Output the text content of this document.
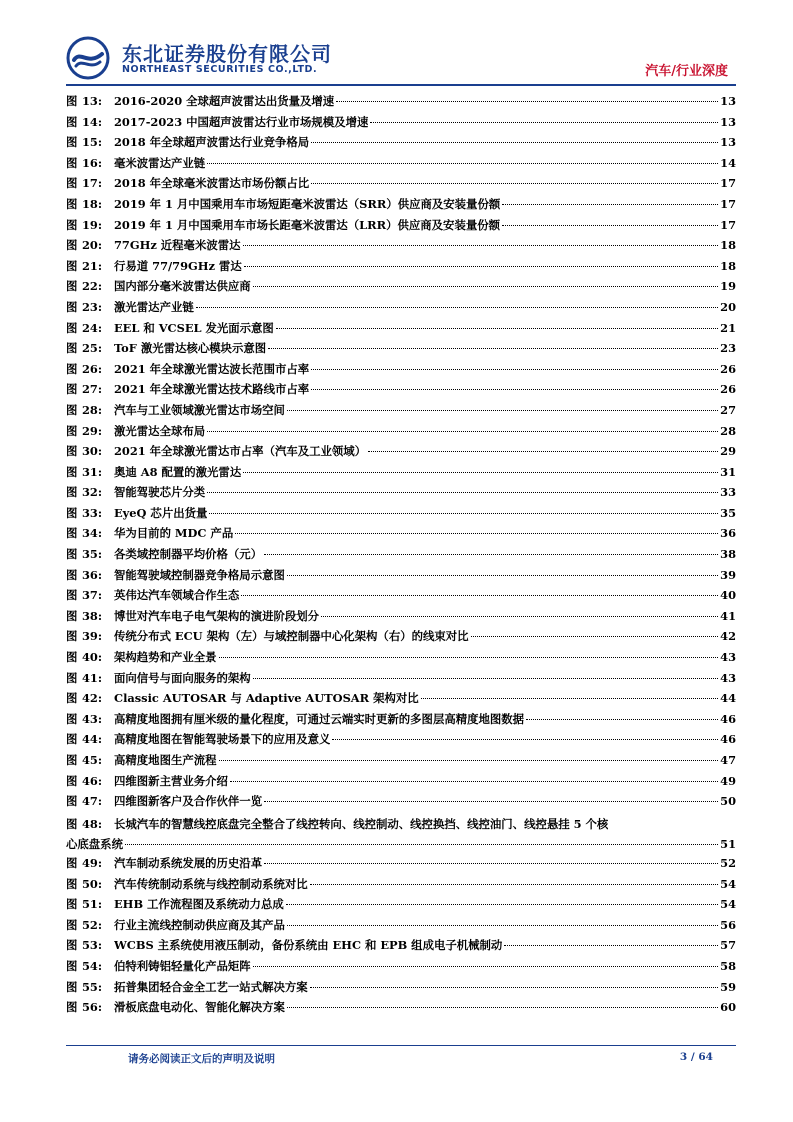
东北证券股份有限公司
NORTHEAST SECURITIES CO.,LTD.	汽车/行业深度
图 13:	2016-2020 全球超声波雷达出货量及增速	13
图 14:	2017-2023 中国超声波雷达行业市场规模及增速	13
图 15:	2018 年全球超声波雷达行业竞争格局	13
图 16:	毫米波雷达产业链	14
图 17:	2018 年全球毫米波雷达市场份额占比	17
图 18:	2019 年 1 月中国乘用车市场短距毫米波雷达（SRR）供应商及安装量份额	17
图 19:	2019 年 1 月中国乘用车市场长距毫米波雷达（LRR）供应商及安装量份额	17
图 20:	77GHz 近程毫米波雷达	18
图 21:	行易道 77/79GHz 雷达	18
图 22:	国内部分毫米波雷达供应商	19
图 23:	激光雷达产业链	20
图 24:	EEL 和 VCSEL 发光面示意图	21
图 25:	ToF 激光雷达核心模块示意图	23
图 26:	2021 年全球激光雷达波长范围市占率	26
图 27:	2021 年全球激光雷达技术路线市占率	26
图 28:	汽车与工业领域激光雷达市场空间	27
图 29:	激光雷达全球布局	28
图 30:	2021 年全球激光雷达市占率（汽车及工业领域）	29
图 31:	奥迪 A8 配置的激光雷达	31
图 32:	智能驾驶芯片分类	33
图 33:	EyeQ 芯片出货量	35
图 34:	华为目前的 MDC 产品	36
图 35:	各类域控制器平均价格（元）	38
图 36:	智能驾驶域控制器竞争格局示意图	39
图 37:	英伟达汽车领域合作生态	40
图 38:	博世对汽车电子电气架构的演进阶段划分	41
图 39:	传统分布式 ECU 架构（左）与域控制器中心化架构（右）的线束对比	42
图 40:	架构趋势和产业全景	43
图 41:	面向信号与面向服务的架构	43
图 42:	Classic AUTOSAR 与 Adaptive AUTOSAR 架构对比	44
图 43:	高精度地图拥有厘米级的量化程度，可通过云端实时更新的多图层高精度地图数据	46
图 44:	高精度地图在智能驾驶场景下的应用及意义	46
图 45:	高精度地图生产流程	47
图 46:	四维图新主营业务介绍	49
图 47:	四维图新客户及合作伙伴一览	50
图 48:	长城汽车的智慧线控底盘完全整合了线控转向、线控制动、线控换挡、线控油门、线控悬挂 5 个核
心底盘系统	51
图 49:	汽车制动系统发展的历史沿革	52
图 50:	汽车传统制动系统与线控制动系统对比	54
图 51:	EHB 工作流程图及系统动力总成	54
图 52:	行业主流线控制动供应商及其产品	56
图 53:	WCBS 主系统使用液压制动，备份系统由 EHC 和 EPB 组成电子机械制动	57
图 54:	伯特利铸铝轻量化产品矩阵	58
图 55:	拓普集团轻合金全工艺一站式解决方案	59
图 56:	滑板底盘电动化、智能化解决方案	60
请务必阅读正文后的声明及说明	3 / 64
